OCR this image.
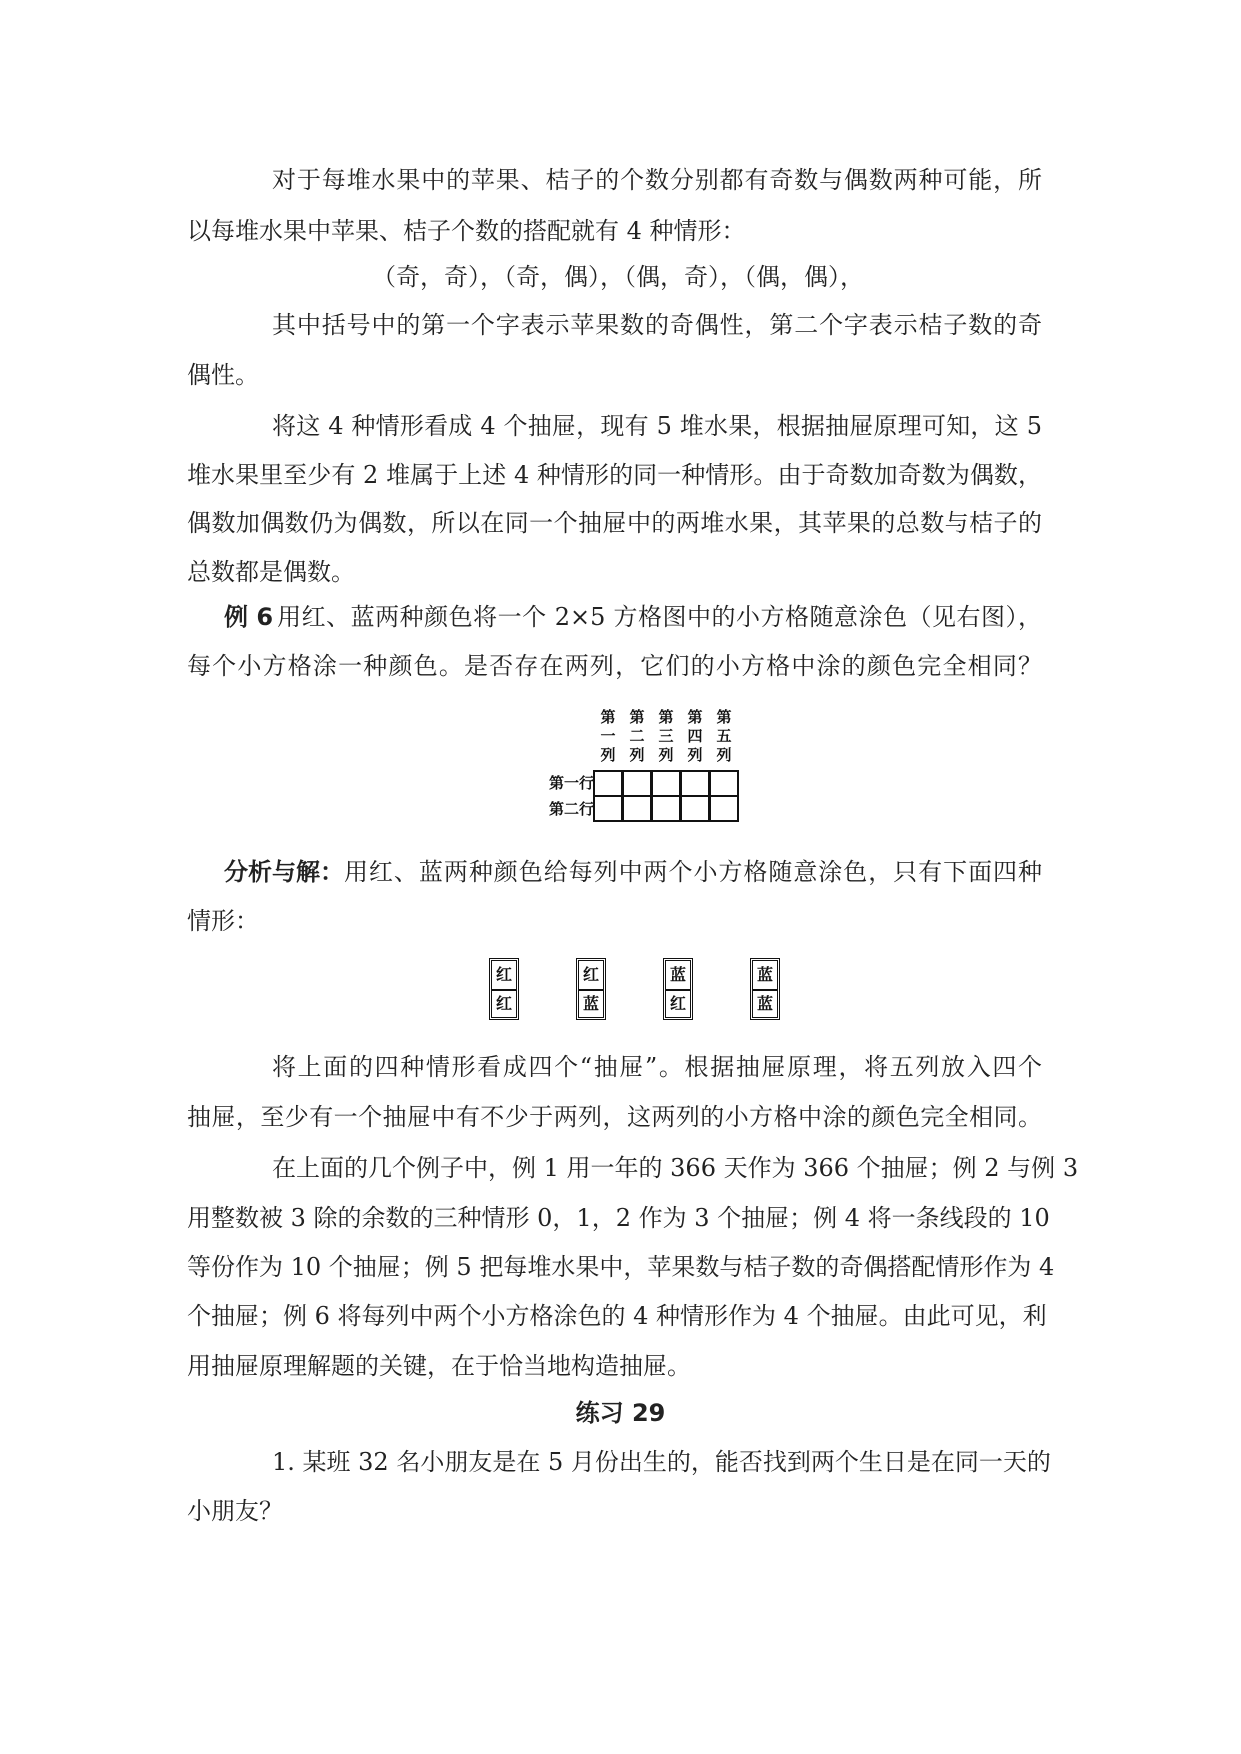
对于每堆水果中的苹果、桔子的个数分别都有奇数与偶数两种可能，所
以每堆水果中苹果、桔子个数的搭配就有 4 种情形：
（奇，奇），（奇，偶），（偶，奇），（偶，偶），
其中括号中的第一个字表示苹果数的奇偶性，第二个字表示桔子数的奇
偶性。
将这 4 种情形看成 4 个抽屉，现有 5 堆水果，根据抽屉原理可知，这 5
堆水果里至少有 2 堆属于上述 4 种情形的同一种情形。由于奇数加奇数为偶数，
偶数加偶数仍为偶数，所以在同一个抽屉中的两堆水果，其苹果的总数与桔子的
总数都是偶数。
例 6 用红、蓝两种颜色将一个 2×5 方格图中的小方格随意涂色（见右图），
每个小方格涂一种颜色。是否存在两列，它们的小方格中涂的颜色完全相同？
第
一
列
第
二
列
第
三
列
第
四
列
第
五
列
第一行
第二行
分析与解： 用红、蓝两种颜色给每列中两个小方格随意涂色，只有下面四种
情形：
红
红
红
蓝
蓝
红
蓝
蓝
将上面的四种情形看成四个“抽屉”。根据抽屉原理，将五列放入四个
抽屉，至少有一个抽屉中有不少于两列，这两列的小方格中涂的颜色完全相同。
在上面的几个例子中，例 1 用一年的 366 天作为 366 个抽屉；例 2 与例 3
用整数被 3 除的余数的三种情形 0，1，2 作为 3 个抽屉；例 4 将一条线段的 10
等份作为 10 个抽屉；例 5 把每堆水果中，苹果数与桔子数的奇偶搭配情形作为 4
个抽屉；例 6 将每列中两个小方格涂色的 4 种情形作为 4 个抽屉。由此可见，利
用抽屉原理解题的关键，在于恰当地构造抽屉。
练习 29
1. 某班 32 名小朋友是在 5 月份出生的，能否找到两个生日是在同一天的
小朋友？
